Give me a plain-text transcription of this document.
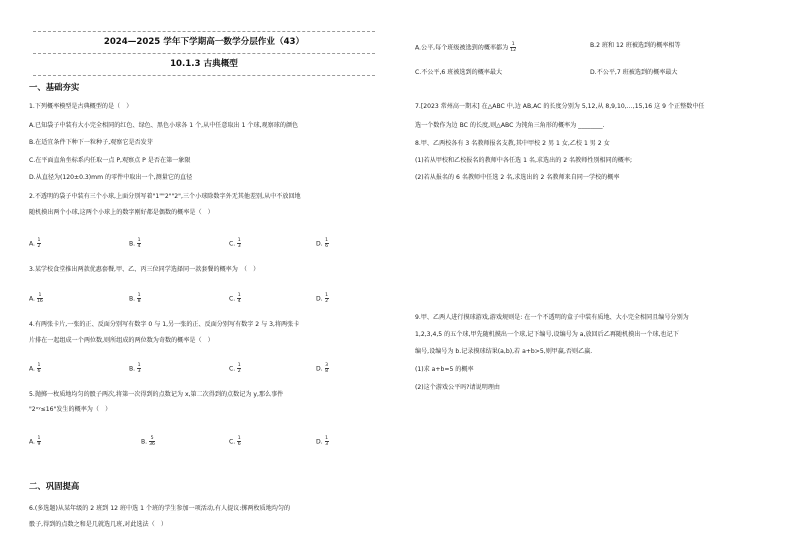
2024—2025 学年下学期高一数学分层作业（43）
10.1.3 古典概型
一、基础夯实
1.下列概率模型是古典概型的是（　）
A.已知袋子中装有大小完全相同的红色、绿色、黑色小球各 1 个,从中任意取出 1 个球,观察球的颜色
B.在适宜条件下种下一粒种子,观察它是否发芽
C.在平面直角坐标系内任取一点 P,观察点 P 是否在第一象限
D.从直径为(120±0.3)mm 的零件中取出一个,测量它的直径
2.不透明的袋子中装有三个小球,上面分别写着"1""2""2",三个小球除数字外无其他差别,从中不放回地
随机摸出两个小球,这两个小球上的数字刚好都是偶数的概率是（　）
A. $\frac{1}{2}$	B. $\frac{1}{4}$	C. $\frac{1}{3}$	D. $\frac{1}{6}$
3.某学校食堂推出两款优惠套餐,甲、乙、丙三位同学选择同一款套餐的概率为　（　）
A. $\frac{1}{16}$	B. $\frac{1}{8}$	C. $\frac{1}{4}$	D. $\frac{1}{2}$
4.有两张卡片,一张的正、反面分别写有数字 0 与 1,另一张的正、反面分别写有数字 2 与 3,将两张卡
片排在一起组成一个两位数,则所组成的两位数为奇数的概率是（　）
A. $\frac{1}{6}$	B. $\frac{1}{3}$	C. $\frac{1}{2}$	D. $\frac{3}{8}$
5.抛掷一枚质地均匀的骰子两次,将第一次得到的点数记为 x,第二次得到的点数记为 y,那么事件
"2ˣʸ≤16"发生的概率为（　）
A. $\frac{1}{9}$	B. $\frac{5}{36}$	C. $\frac{1}{6}$	D. $\frac{1}{3}$
二、巩固提高
6.(多选题)从某年级的 2 班到 12 班中选 1 个班的学生参加一项活动,有人提议:掷两枚质地均匀的
骰子,得到的点数之和是几就选几班,对此选法（　）
A.公平,每个班级被选到的概率都为 $\frac{1}{12}$	B.2 班和 12 班被选到的概率相等
C.不公平,6 班被选到的概率最大	D.不公平,7 班被选到的概率最大
7.[2023 常州高一期末] 在△ABC 中,边 AB,AC 的长度分别为 5,12,从 8,9,10,…,15,16 这 9 个正整数中任
选一个数作为边 BC 的长度,则△ABC 为钝角三角形的概率为 ________.
8.甲、乙两校各有 3 名教师报名支教,其中甲校 2 男 1 女,乙校 1 男 2 女
(1)若从甲校和乙校报名的教师中各任选 1 名,求选出的 2 名教师性别相同的概率;
(2)若从报名的 6 名教师中任选 2 名,求选出的 2 名教师来自同一学校的概率
9.甲、乙两人进行摸球游戏,游戏规则是: 在一个不透明的盒子中装有质地、大小完全相同且编号分别为
1,2,3,4,5 的五个球,甲先随机摸出一个球,记下编号,设编号为 a,放回后乙再随机摸出一个球,也记下
编号,设编号为 b.记录摸球结果(a,b),若 a+b>5,则甲赢,否则乙赢.
(1)求 a+b=5 的概率
(2)这个游戏公平吗?请说明理由
